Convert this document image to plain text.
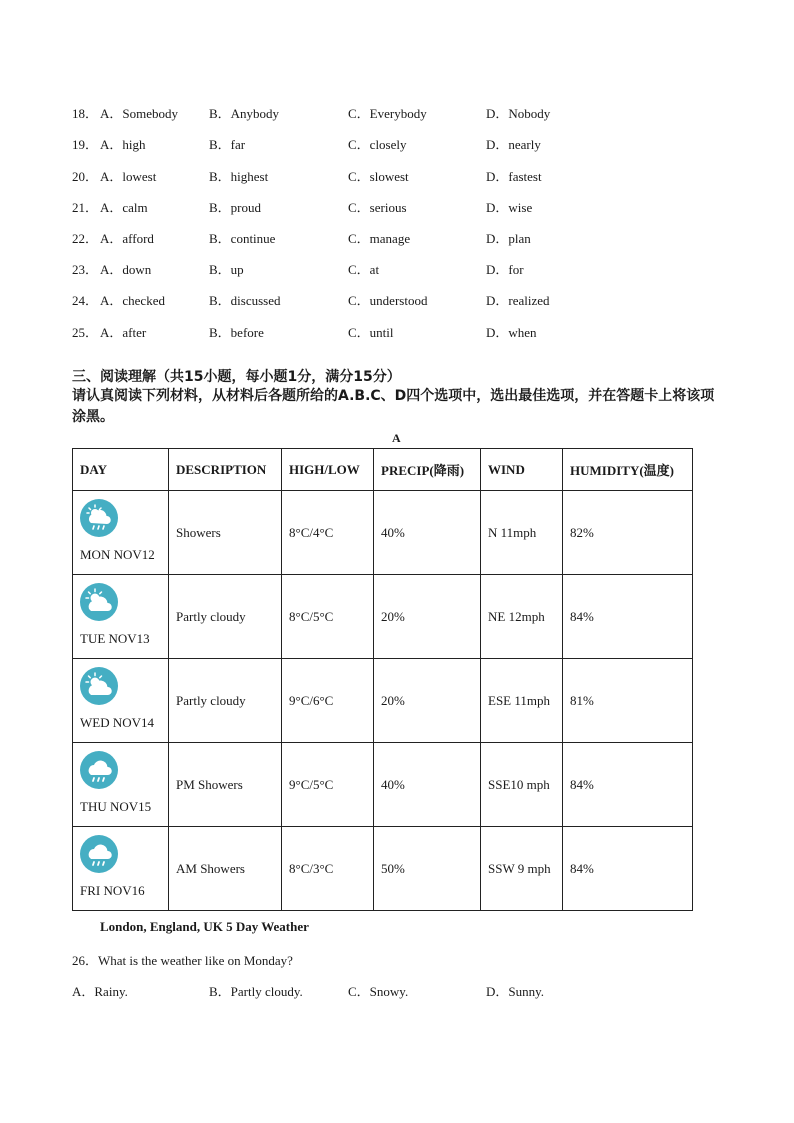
18． A．Somebody B．Anybody	C．Everybody	D．Nobody
19． A．high	B．far	C．closely	D．nearly
20． A．lowest	B．highest	C．slowest	D．fastest
21． A．calm	B．proud	C．serious	D．wise
22． A．afford	B．continue	C．manage	D．plan
23． A．down	B．up	C．at	D．for
24． A．checked	B．discussed	C．understood	D．realized
25． A．after	B．before	C．until	D．when
三、阅读理解（共15小题，每小题1分，满分15分）
请认真阅读下列材料，从材料后各题所给的A.B.C、D四个选项中，选出最佳选项，并在答题卡上将该项涂黑。
A
DAY	DESCRIPTION	HIGH/LOW	PRECIP(降雨)	WIND	HUMIDITY(温度)

MON NOV12	Showers	8°C/4°C	40%	N 11mph	82%

TUE NOV13	Partly cloudy	8°C/5°C	20%	NE 12mph	84%

WED NOV14	Partly cloudy	9°C/6°C	20%	ESE 11mph	81%

THU NOV15	PM Showers	9°C/5°C	40%	SSE10 mph	84%

FRI NOV16	AM Showers	8°C/3°C	50%	SSW 9 mph	84%
London, England, UK 5 Day Weather
26．What is the weather like on Monday?
A．Rainy.	B．Partly cloudy.	C．Snowy.	D．Sunny.
